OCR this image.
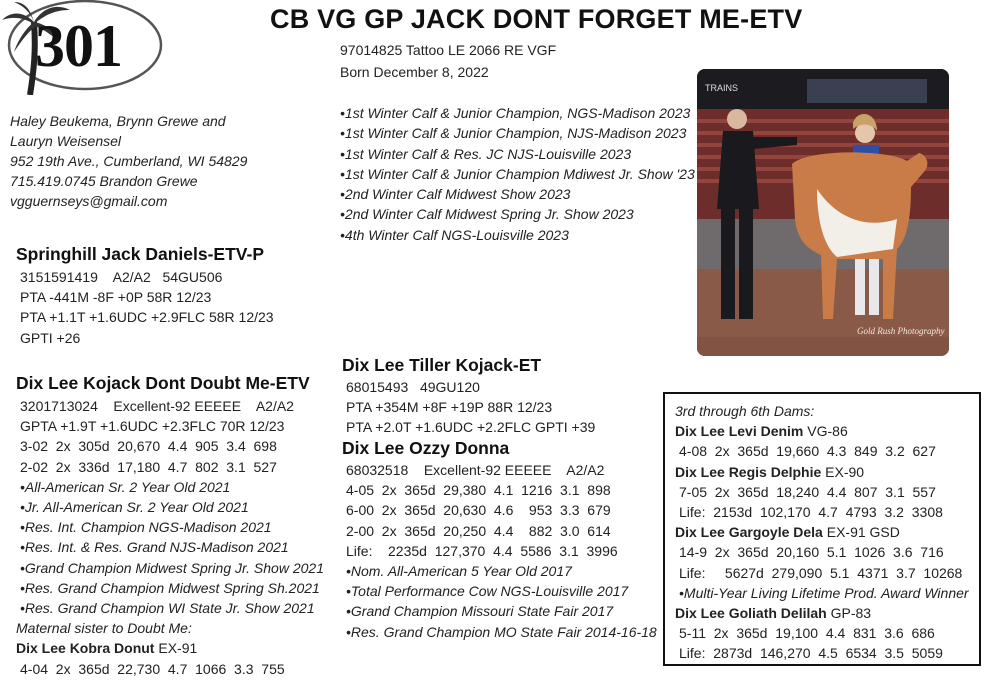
301	CB VG GP JACK DONT FORGET ME-ETV
97014825 Tattoo LE 2066 RE VGF
Born December 8, 2022
Haley Beukema, Brynn Grewe and
Lauryn Weisensel
952 19th Ave., Cumberland, WI 54829
715.419.0745 Brandon Grewe
vgguernseys@gmail.com
•1st Winter Calf & Junior Champion, NGS-Madison 2023
•1st Winter Calf & Junior Champion, NJS-Madison 2023
•1st Winter Calf & Res. JC NJS-Louisville 2023
•1st Winter Calf & Junior Champion Mdiwest Jr. Show '23
•2nd Winter Calf Midwest Show 2023
•2nd Winter Calf Midwest Spring Jr. Show 2023
•4th Winter Calf NGS-Louisville 2023
TRAINS
Gold Rush Photography
Springhill Jack Daniels-ETV-P
3151591419    A2/A2   54GU506
PTA -441M -8F +0P 58R 12/23
PTA +1.1T +1.6UDC +2.9FLC 58R 12/23
GPTI +26
Dix Lee Kojack Dont Doubt Me-ETV
3201713024    Excellent-92 EEEEE    A2/A2
GPTA +1.9T +1.6UDC +2.3FLC 70R 12/23
3-02  2x  305d  20,670  4.4  905  3.4  698
2-02  2x  336d  17,180  4.7  802  3.1  527
•All-American Sr. 2 Year Old 2021
•Jr. All-American Sr. 2 Year Old 2021
•Res. Int. Champion NGS-Madison 2021
•Res. Int. & Res. Grand NJS-Madison 2021
•Grand Champion Midwest Spring Jr. Show 2021
•Res. Grand Champion Midwest Spring Sh.2021
•Res. Grand Champion WI State Jr. Show 2021
Maternal sister to Doubt Me:
Dix Lee Kobra Donut EX-91
4-04  2x  365d  22,730  4.7  1066  3.3  755
Dix Lee Tiller Kojack-ET
68015493   49GU120
PTA +354M +8F +19P 88R 12/23
PTA +2.0T +1.6UDC +2.2FLC GPTI +39
Dix Lee Ozzy Donna
68032518    Excellent-92 EEEEE    A2/A2
4-05  2x  365d  29,380  4.1  1216  3.1  898
6-00  2x  365d  20,630  4.6    953  3.3  679
2-00  2x  365d  20,250  4.4    882  3.0  614
Life:    2235d  127,370  4.4  5586  3.1  3996
•Nom. All-American 5 Year Old 2017
•Total Performance Cow NGS-Louisville 2017
•Grand Champion Missouri State Fair 2017
•Res. Grand Champion MO State Fair 2014-16-18
3rd through 6th Dams:
Dix Lee Levi Denim VG-86
4-08  2x  365d  19,660  4.3  849  3.2  627
Dix Lee Regis Delphie EX-90
7-05  2x  365d  18,240  4.4  807  3.1  557
Life:  2153d  102,170  4.7  4793  3.2  3308
Dix Lee Gargoyle Dela EX-91 GSD
14-9  2x  365d  20,160  5.1  1026  3.6  716
Life:     5627d  279,090  5.1  4371  3.7  10268
•Multi-Year Living Lifetime Prod. Award Winner
Dix Lee Goliath Delilah GP-83
5-11  2x  365d  19,100  4.4  831  3.6  686
Life:  2873d  146,270  4.5  6534  3.5  5059
